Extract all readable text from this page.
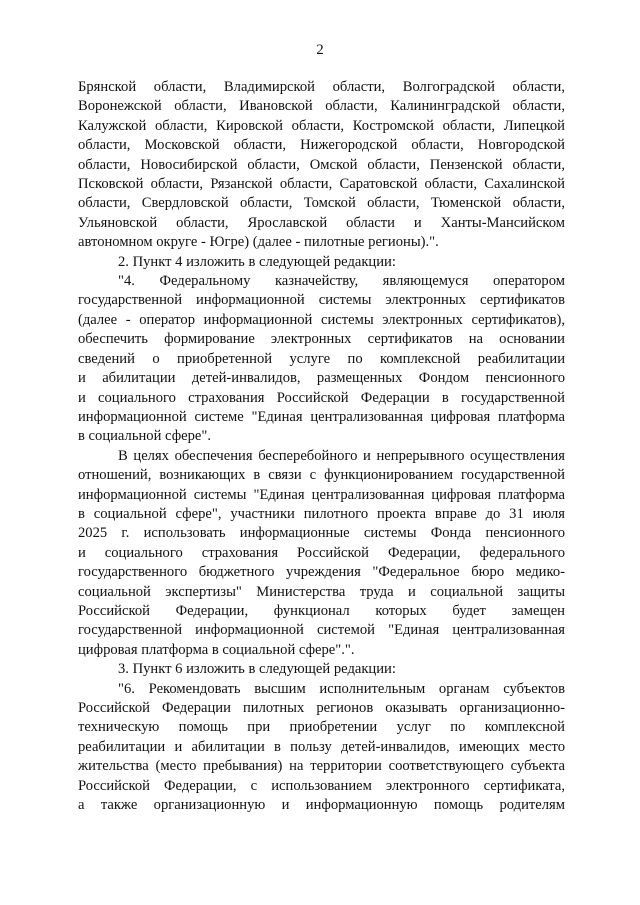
2
Брянской области, Владимирской области, Волгоградской области,
Воронежской области, Ивановской области, Калининградской области,
Калужской области, Кировской области, Костромской области, Липецкой
области, Московской области, Нижегородской области, Новгородской
области, Новосибирской области, Омской области, Пензенской области,
Псковской области, Рязанской области, Саратовской области, Сахалинской
области, Свердловской области, Томской области, Тюменской области,
Ульяновской области, Ярославской области и Ханты-Мансийском
автономном округе - Югре) (далее - пилотные регионы).".
2. Пункт 4 изложить в следующей редакции:
"4. Федеральному казначейству, являющемуся оператором
государственной информационной системы электронных сертификатов
(далее - оператор информационной системы электронных сертификатов),
обеспечить формирование электронных сертификатов на основании
сведений о приобретенной услуге по комплексной реабилитации
и абилитации детей-инвалидов, размещенных Фондом пенсионного
и социального страхования Российской Федерации в государственной
информационной системе "Единая централизованная цифровая платформа
в социальной сфере".
В целях обеспечения бесперебойного и непрерывного осуществления
отношений, возникающих в связи с функционированием государственной
информационной системы "Единая централизованная цифровая платформа
в социальной сфере", участники пилотного проекта вправе до 31 июля
2025 г. использовать информационные системы Фонда пенсионного
и социального страхования Российской Федерации, федерального
государственного бюджетного учреждения "Федеральное бюро медико-
социальной экспертизы" Министерства труда и социальной защиты
Российской Федерации, функционал которых будет замещен
государственной информационной системой "Единая централизованная
цифровая платформа в социальной сфере".".
3. Пункт 6 изложить в следующей редакции:
"6. Рекомендовать высшим исполнительным органам субъектов
Российской Федерации пилотных регионов оказывать организационно-
техническую помощь при приобретении услуг по комплексной
реабилитации и абилитации в пользу детей-инвалидов, имеющих место
жительства (место пребывания) на территории соответствующего субъекта
Российской Федерации, с использованием электронного сертификата,
а также организационную и информационную помощь родителям
